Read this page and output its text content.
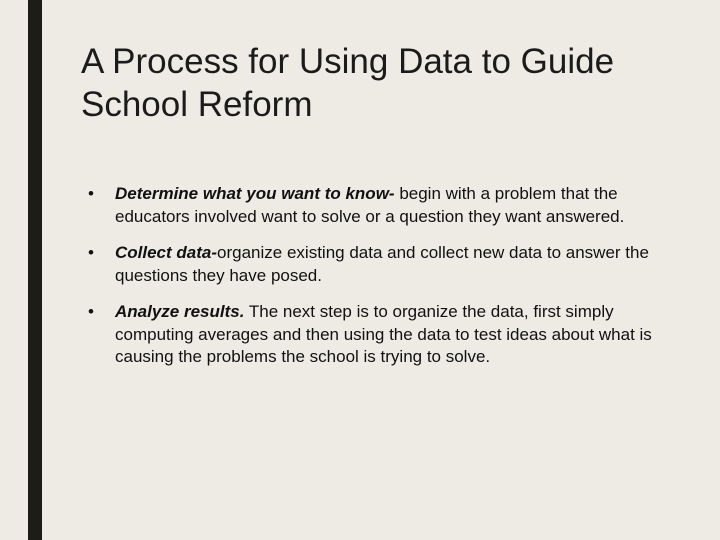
A Process for Using Data to Guide School Reform
• Determine what you want to know- begin with a problem that the educators involved want to solve or a question they want answered.
• Collect data-organize existing data and collect new data to answer the questions they have posed.
• Analyze results. The next step is to organize the data, first simply computing averages and then using the data to test ideas about what is causing the problems the school is trying to solve.
